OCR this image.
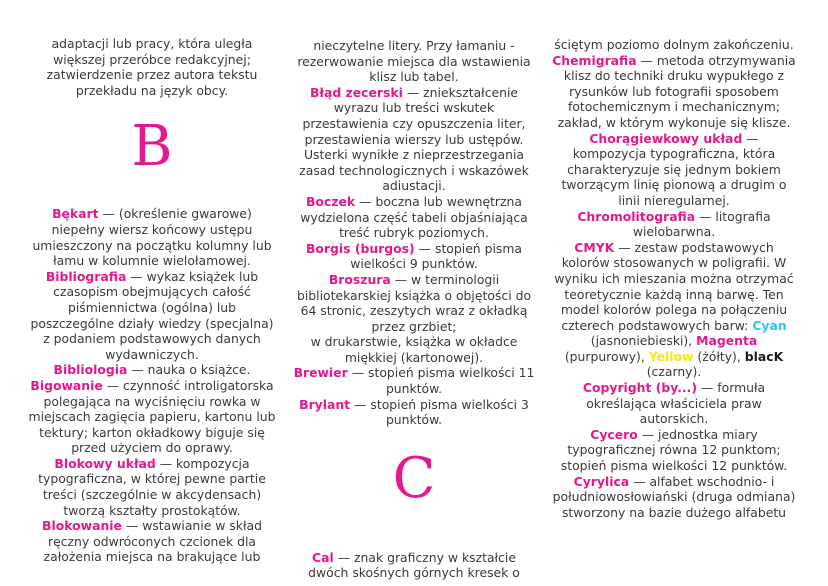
adaptacji lub pracy, która uległa większej przeróbce redakcyjnej; zatwierdzenie przez autora tekstu przekładu na język obcy.

B

Bękart — (określenie gwarowe) niepełny wiersz końcowy ustępu umieszczony na początku kolumny lub łamu w kolumnie wielołamowej.

Bibliografia — wykaz książek lub czasopism obejmujących całość piśmiennictwa (ogólna) lub poszczególne działy wiedzy (specjalna) z podaniem podstawowych danych wydawniczych.

Bibliologia — nauka o książce.

Bigowanie — czynność introligatorska polegająca na wyciśnięciu rowka w miejscach zagięcia papieru, kartonu lub tektury; karton okładkowy biguje się przed użyciem do oprawy.

Blokowy układ — kompozycja typograficzna, w której pewne partie treści (szczególnie w akcydensach) tworzą kształty prostokątów.

Blokowanie — wstawianie w skład ręczny odwróconych czcionek dla założenia miejsca na brakujące lub

nieczytelne litery. Przy łamaniu - rezerwowanie miejsca dla wstawienia klisz lub tabel.

Błąd zecerski — zniekształcenie wyrazu lub treści wskutek przestawienia czy opuszczenia liter, przestawienia wierszy lub ustępów. Usterki wynikłe z nieprzestrzegania zasad technologicznych i wskazówek adiustacji.

Boczek — boczna lub wewnętrzna wydzielona część tabeli objaśniająca treść rubryk poziomych.

Borgis (burgos) — stopień pisma wielkości 9 punktów.

Broszura — w terminologii bibliotekarskiej książka o objętości do 64 stronic, zeszytych wraz z okładką przez grzbiet;

w drukarstwie, książka w okładce miękkiej (kartonowej).

Brewier — stopień pisma wielkości 11 punktów.

Brylant — stopień pisma wielkości 3 punktów.

C

Cal — znak graficzny w kształcie dwóch skośnych górnych kresek o

ściętym poziomo dolnym zakończeniu.

Chemigrafia — metoda otrzymywania klisz do techniki druku wypukłego z rysunków lub fotografii sposobem fotochemicznym i mechanicznym;

zakład, w którym wykonuje się klisze.

Chorągiewkowy układ — kompozycja typograficzna, która charakteryzuje się jednym bokiem tworzącym linię pionową a drugim o linii nieregularnej.

Chromolitografia — litografia wielobarwna.

CMYK — zestaw podstawowych kolorów stosowanych w poligrafii. W wyniku ich mieszania można otrzymać teoretycznie każdą inną barwę. Ten model kolorów polega na połączeniu czterech podstawowych barw: Cyan (jasnoniebieski), Magenta (purpurowy), Yellow (żółty), blacK (czarny).

Copyright (by...) — formuła określająca właściciela praw autorskich.

Cycero — jednostka miary typograficznej równa 12 punktom;

stopień pisma wielkości 12 punktów.

Cyrylica — alfabet wschodnio- i południowosłowiański (druga odmiana) stworzony na bazie dużego alfabetu
